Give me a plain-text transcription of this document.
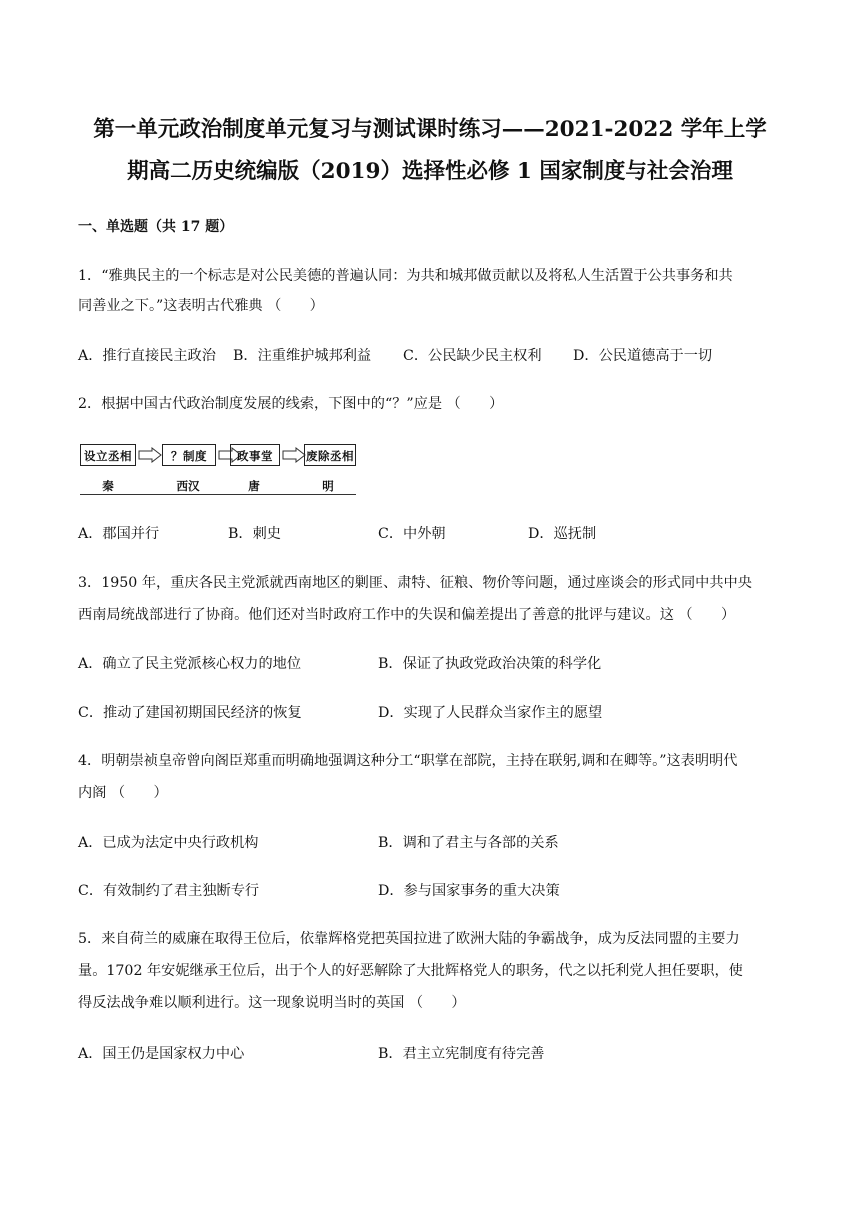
第一单元政治制度单元复习与测试课时练习——2021-2022 学年上学
期高二历史统编版（2019）选择性必修 1 国家制度与社会治理
一、单选题（共 17 题）
1．“雅典民主的一个标志是对公民美德的普遍认同：为共和城邦做贡献以及将私人生活置于公共事务和共
同善业之下。”这表明古代雅典 （　　）
A．推行直接民主政治 B．注重维护城邦利益 C．公民缺少民主权利 D．公民道德高于一切
2．根据中国古代政治制度发展的线索，下图中的“？”应是 （　　）
设立丞相	？制度	政事堂	废除丞相
秦	西汉	唐	明
A．郡国并行	B．刺史	C．中外朝	D．巡抚制
3．1950 年，重庆各民主党派就西南地区的剿匪、肃特、征粮、物价等问题，通过座谈会的形式同中共中央
西南局统战部进行了协商。他们还对当时政府工作中的失误和偏差提出了善意的批评与建议。这 （　　）
A．确立了民主党派核心权力的地位	B．保证了执政党政治决策的科学化
C．推动了建国初期国民经济的恢复	D．实现了人民群众当家作主的愿望
4．明朝崇祯皇帝曾向阁臣郑重而明确地强调这种分工“职掌在部院，主持在联躬,调和在卿等。”这表明明代
内阁 （　　）
A．已成为法定中央行政机构	B．调和了君主与各部的关系
C．有效制约了君主独断专行	D．参与国家事务的重大决策
5．来自荷兰的威廉在取得王位后，依靠辉格党把英国拉进了欧洲大陆的争霸战争，成为反法同盟的主要力
量。1702 年安妮继承王位后，出于个人的好恶解除了大批辉格党人的职务，代之以托利党人担任要职，使
得反法战争难以顺利进行。这一现象说明当时的英国 （　　）
A．国王仍是国家权力中心	B．君主立宪制度有待完善
